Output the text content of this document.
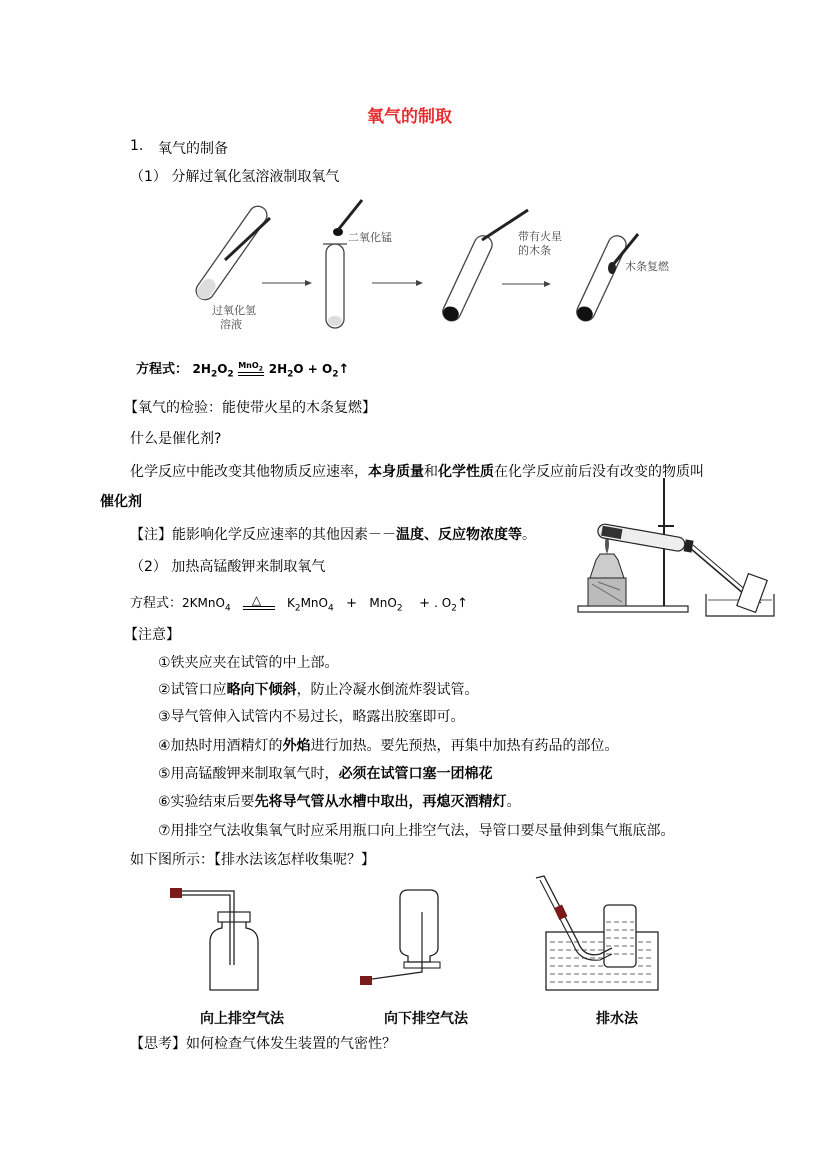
氧气的制取
1. 氧气的制备
（1） 分解过氧化氢溶液制取氧气
过氧化氢
溶液
二氧化锰	带有火星
的木条
木条复燃
方程式： $2H_2O_2$
MnO$_2$ $2H_2O$ + $O_2↑$
【氧气的检验：能使带火星的木条复燃】
什么是催化剂?
化学反应中能改变其他物质反应速率，本身质量和化学性质在化学反应前后没有改变的物质叫
催化剂
【注】能影响化学反应速率的其他因素－－温度、反应物浓度等。
（2） 加热高锰酸钾来制取氧气
方程式：2KMnO$_4$
△ $K_2MnO_4 + MnO_2$ + . $O_2↑$
【注意】
①铁夹应夹在试管的中上部。
②试管口应略向下倾斜，防止冷凝水倒流炸裂试管。
③导气管伸入试管内不易过长，略露出胶塞即可。
④加热时用酒精灯的外焰进行加热。要先预热，再集中加热有药品的部位。
⑤用高锰酸钾来制取氧气时，必须在试管口塞一团棉花
⑥实验结束后要先将导气管从水槽中取出，再熄灭酒精灯。
⑦用排空气法收集氧气时应采用瓶口向上排空气法，导管口要尽量伸到集气瓶底部。
如下图所示：【排水法该怎样收集呢？】
向上排空气法	向下排空气法	排水法
【思考】如何检查气体发生装置的气密性？
